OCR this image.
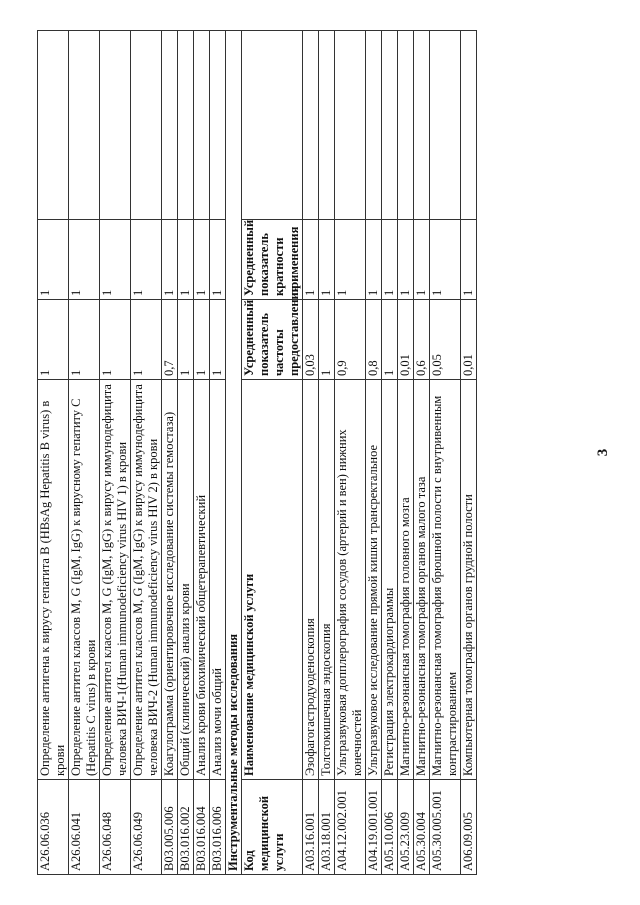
3
A26.06.036	Определение антигена к вирусу гепатита B (HBsAg Hepatitis B virus) в крови	1	1	
A26.06.041	Определение антител классов M, G (IgM, IgG) к вирусному гепатиту C (Hepatitis C virus) в крови	1	1	
A26.06.048	Определение антител классов M, G (IgM, IgG) к вирусу иммунодефицита человека ВИЧ-1(Human immunodeficiency virus HIV 1) в крови	1	1	
A26.06.049	Определение антител классов M, G (IgM, IgG) к вирусу иммунодефицита человека ВИЧ-2 (Human immunodeficiency virus HIV 2) в крови	1	1	
B03.005.006	Коагулограмма (ориентировочное исследование системы гемостаза)	0,7	1	
B03.016.002	Общий (клинический) анализ крови	1	1	
B03.016.004	Анализ крови биохимический общетерапевтический	1	1	
B03.016.006	Анализ мочи общий	1	1	
Инструментальные методы исследования				
Код медицинской услуги	Наименование медицинской услуги	Усредненный показатель частоты предоставления	Усредненный показатель кратности применения	
A03.16.001	Эзофагогастродуоденоскопия	0,03	1	
A03.18.001	Толстокишечная эндоскопия	1	1	
A04.12.002.001	Ультразвуковая допплерография сосудов (артерий и вен) нижних конечностей	0,9	1	
A04.19.001.001	Ультразвуковое исследование прямой кишки трансректальное	0,8	1	
A05.10.006	Регистрация электрокардиограммы	1	1	
A05.23.009	Магнитно-резонансная томография головного мозга	0,01	1	
A05.30.004	Магнитно-резонансная томография органов малого таза	0,6	1	
A05.30.005.001	Магнитно-резонансная томография брюшной полости с внутривенным контрастированием	0,05	1	
A06.09.005	Компьютерная томография органов грудной полости	0,01	1	
